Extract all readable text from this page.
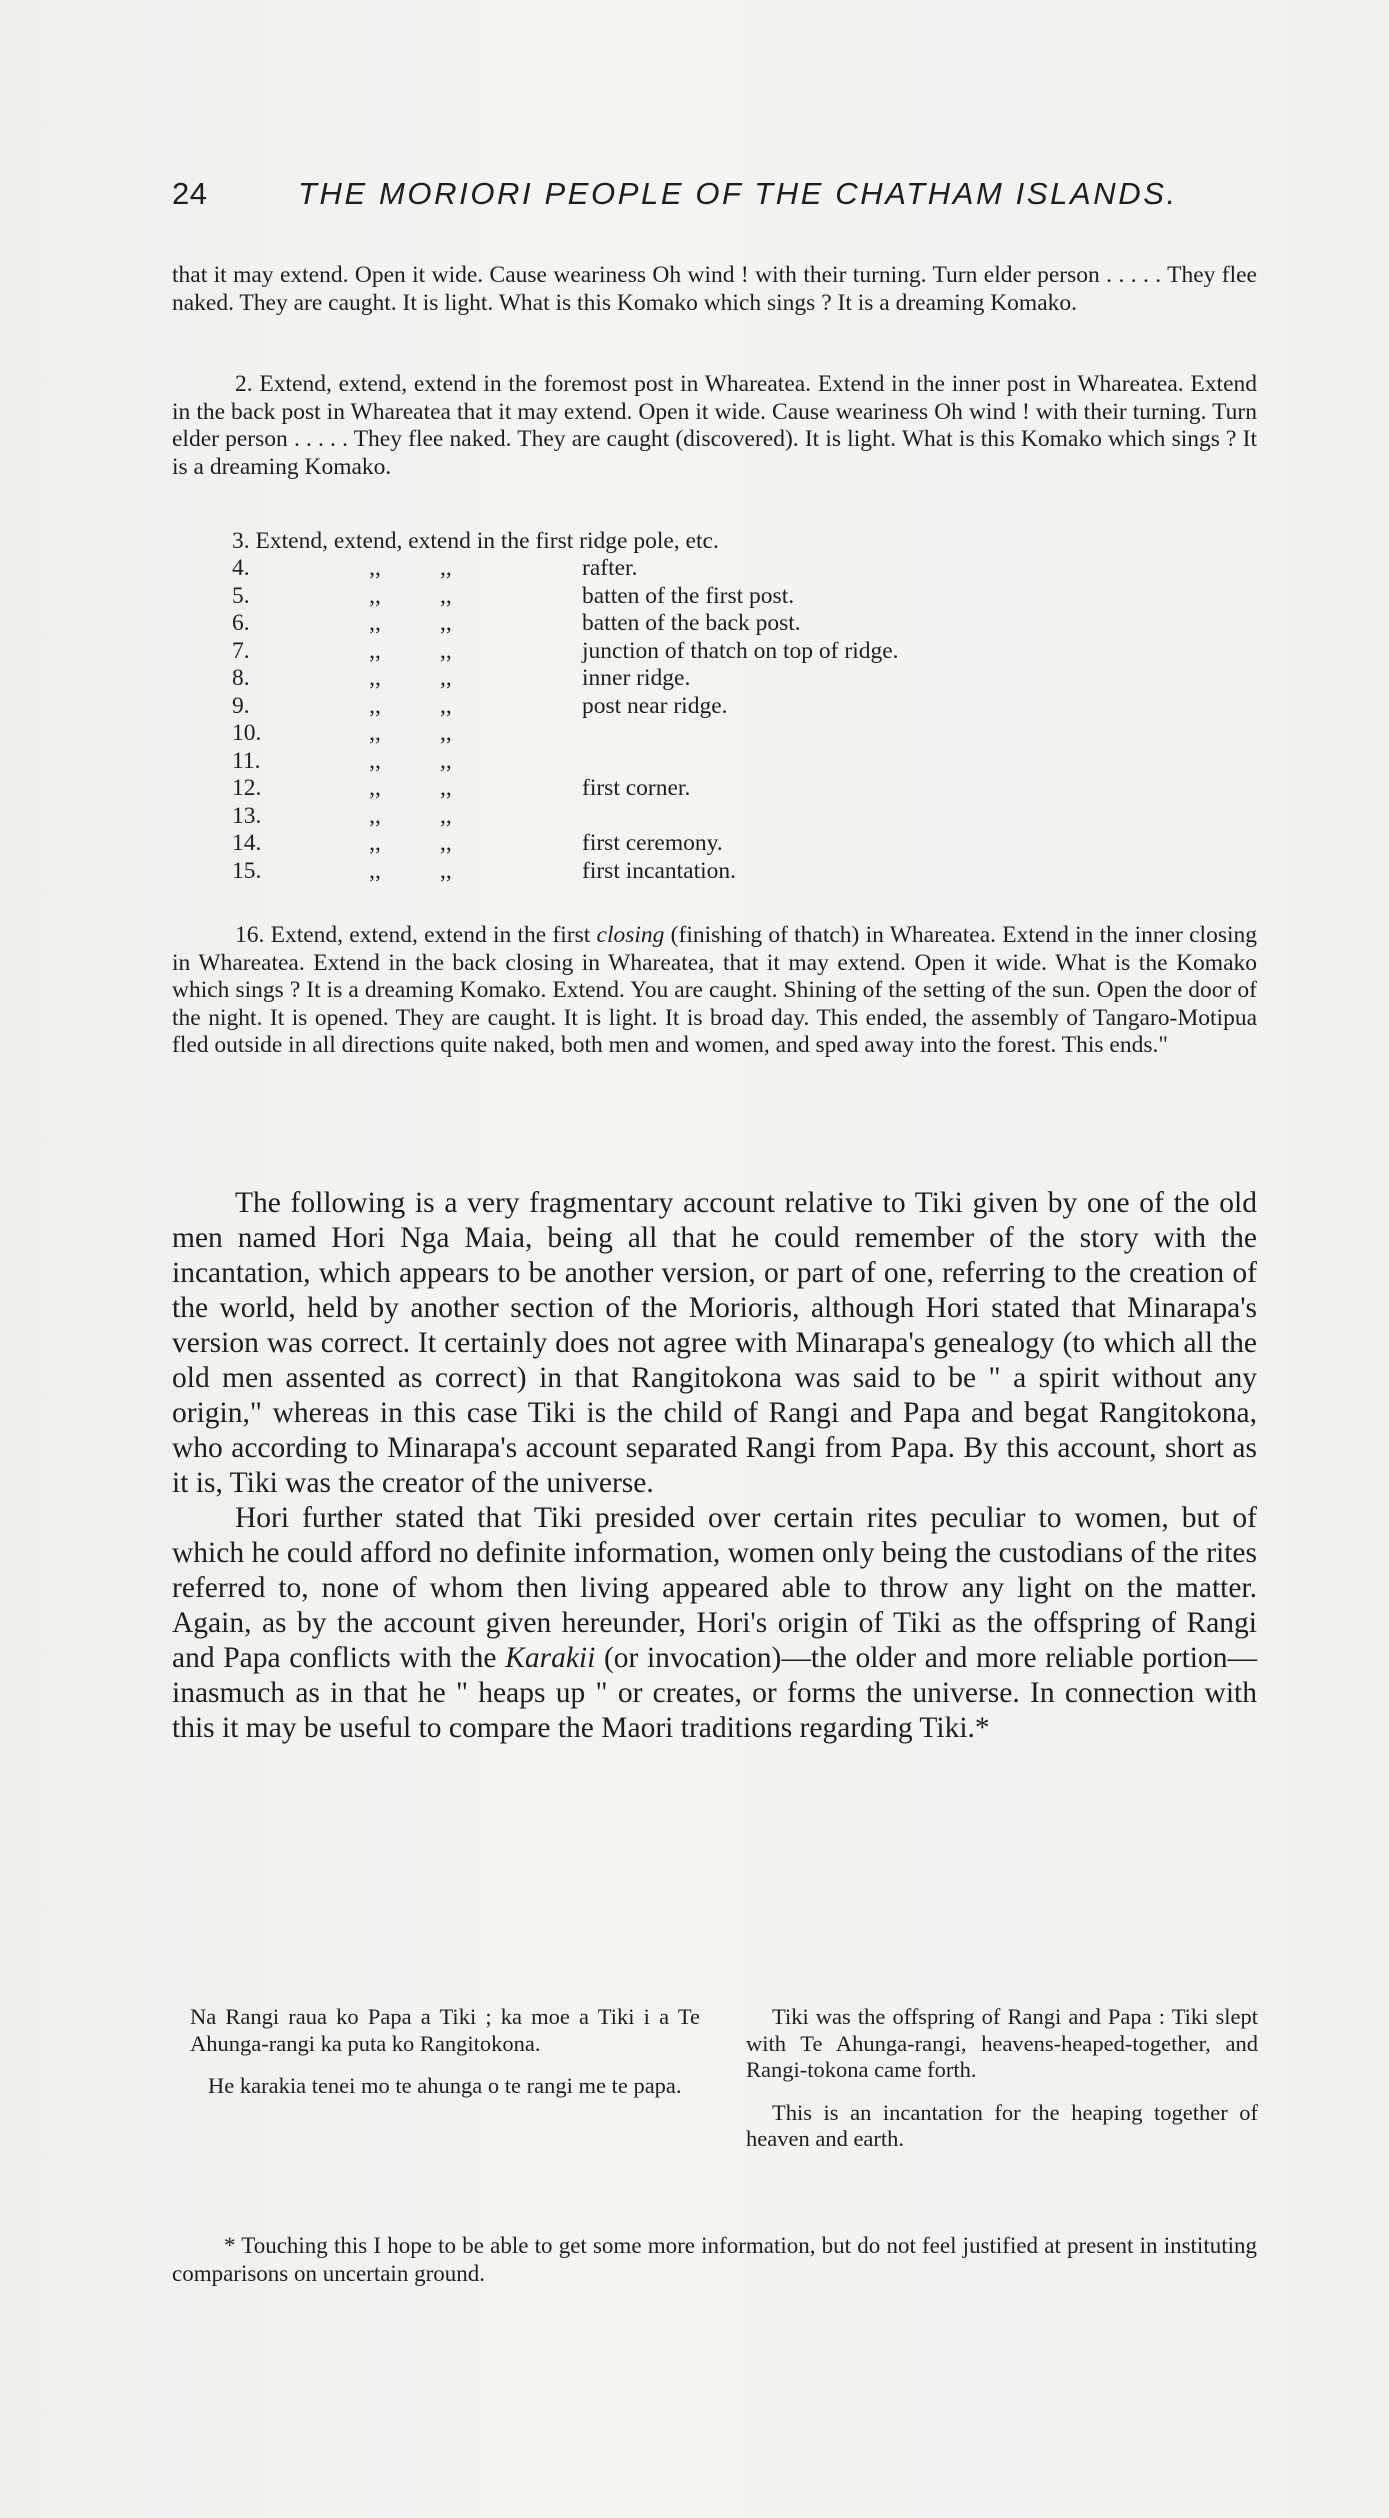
24	THE MORIORI PEOPLE OF THE CHATHAM ISLANDS.

that it may extend. Open it wide. Cause weariness Oh wind ! with their turning. Turn elder person . . . . . They flee naked. They are caught. It is light. What is this Komako which sings ? It is a dreaming Komako.

2. Extend, extend, extend in the foremost post in Whareatea. Extend in the inner post in Whareatea. Extend in the back post in Whareatea that it may extend. Open it wide. Cause weariness Oh wind ! with their turning. Turn elder person . . . . . They flee naked. They are caught (discovered). It is light. What is this Komako which sings ? It is a dreaming Komako.

3. Extend, extend, extend in the first ridge pole, etc.

4.	,,	,,	rafter.
5.	,,	,,	batten of the first post.
6.	,,	,,	batten of the back post.
7.	,,	,,	junction of thatch on top of ridge.
8.	,,	,,	inner ridge.
9.	,,	,,	post near ridge.
10.	,,	,,	
11.	,,	,,	
12.	,,	,,	first corner.
13.	,,	,,	
14.	,,	,,	first ceremony.
15.	,,	,,	first incantation.

16. Extend, extend, extend in the first closing (finishing of thatch) in Whareatea. Extend in the inner closing in Whareatea. Extend in the back closing in Whareatea, that it may extend. Open it wide. What is the Komako which sings ? It is a dreaming Komako. Extend. You are caught. Shining of the setting of the sun. Open the door of the night. It is opened. They are caught. It is light. It is broad day. This ended, the assembly of Tangaro-Motipua fled outside in all directions quite naked, both men and women, and sped away into the forest. This ends."

The following is a very fragmentary account relative to Tiki given by one of the old men named Hori Nga Maia, being all that he could remember of the story with the incantation, which appears to be another version, or part of one, referring to the creation of the world, held by another section of the Morioris, although Hori stated that Minarapa's version was correct. It certainly does not agree with Minarapa's genealogy (to which all the old men assented as correct) in that Rangitokona was said to be " a spirit without any origin," whereas in this case Tiki is the child of Rangi and Papa and begat Rangitokona, who according to Minarapa's account separated Rangi from Papa. By this account, short as it is, Tiki was the creator of the universe.

Hori further stated that Tiki presided over certain rites peculiar to women, but of which he could afford no definite information, women only being the custodians of the rites referred to, none of whom then living appeared able to throw any light on the matter. Again, as by the account given hereunder, Hori's origin of Tiki as the offspring of Rangi and Papa conflicts with the Karakii (or invocation)—the older and more reliable portion—inasmuch as in that he " heaps up " or creates, or forms the universe. In connection with this it may be useful to compare the Maori traditions regarding Tiki.*

Na Rangi raua ko Papa a Tiki ; ka moe a Tiki i a Te Ahunga-rangi ka puta ko Rangitokona.

He karakia tenei mo te ahunga o te rangi me te papa.

Tiki was the offspring of Rangi and Papa : Tiki slept with Te Ahunga-rangi, heavens-heaped-together, and Rangi-tokona came forth.

This is an incantation for the heaping together of heaven and earth.

* Touching this I hope to be able to get some more information, but do not feel justified at present in instituting comparisons on uncertain ground.
